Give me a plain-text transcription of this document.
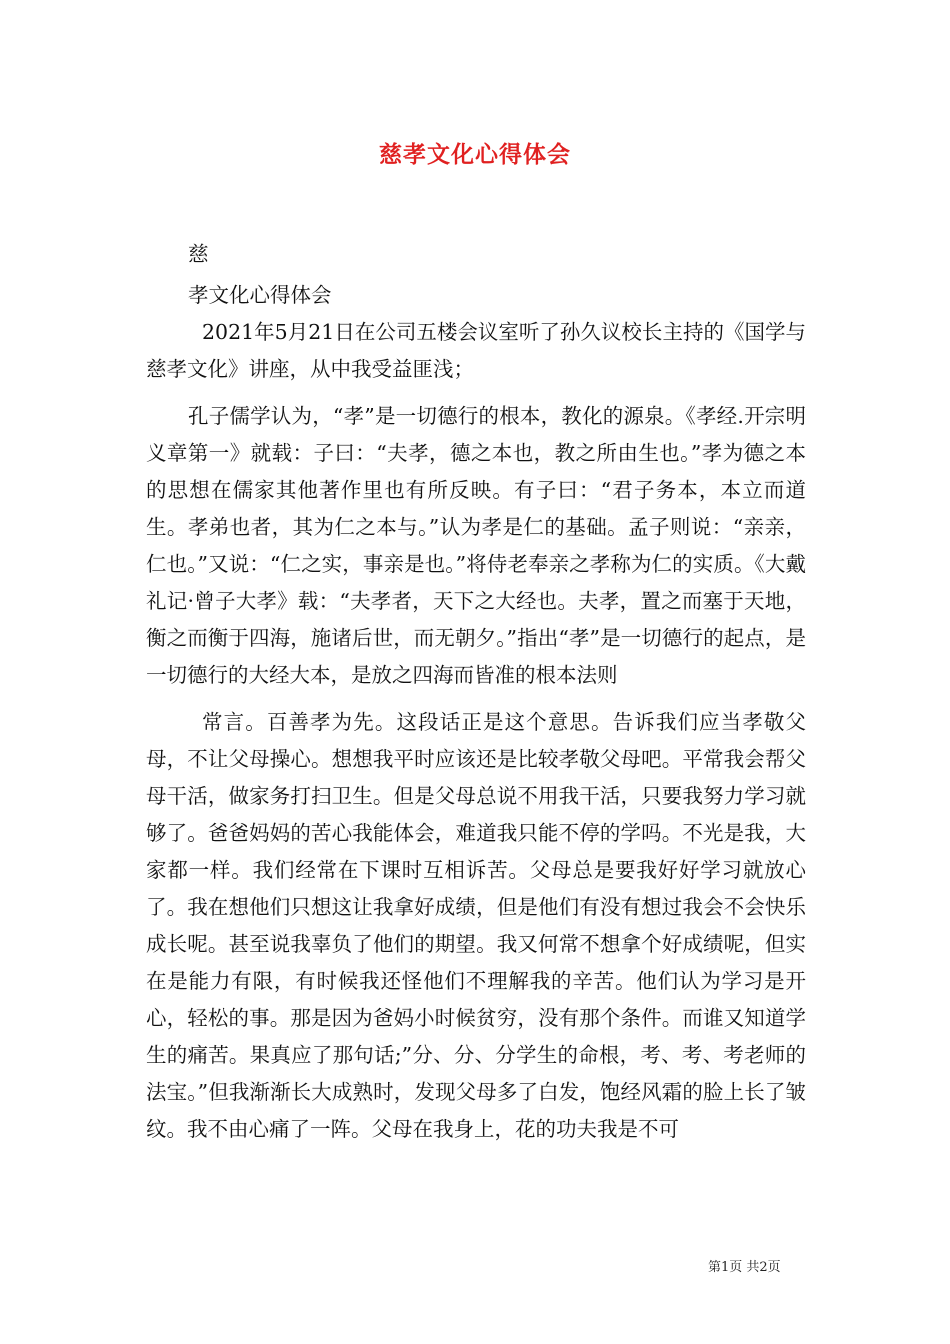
慈孝文化心得体会

慈

孝文化心得体会

2021年5月21日在公司五楼会议室听了孙久议校长主持的《国学与慈孝文化》讲座，从中我受益匪浅；

孔子儒学认为，“孝”是一切德行的根本，教化的源泉。《孝经.开宗明义章第一》就载：子曰：“夫孝，德之本也，教之所由生也。”孝为德之本的思想在儒家其他著作里也有所反映。有子曰：“君子务本，本立而道生。孝弟也者，其为仁之本与。”认为孝是仁的基础。孟子则说：“亲亲，仁也。”又说：“仁之实，事亲是也。”将侍老奉亲之孝称为仁的实质。《大戴礼记·曾子大孝》载：“夫孝者，天下之大经也。夫孝，置之而塞于天地，衡之而衡于四海，施诸后世，而无朝夕。”指出“孝”是一切德行的起点，是一切德行的大经大本，是放之四海而皆准的根本法则

常言。百善孝为先。这段话正是这个意思。告诉我们应当孝敬父母，不让父母操心。想想我平时应该还是比较孝敬父母吧。平常我会帮父母干活，做家务打扫卫生。但是父母总说不用我干活，只要我努力学习就够了。爸爸妈妈的苦心我能体会，难道我只能不停的学吗。不光是我，大家都一样。我们经常在下课时互相诉苦。父母总是要我好好学习就放心了。我在想他们只想这让我拿好成绩，但是他们有没有想过我会不会快乐成长呢。甚至说我辜负了他们的期望。我又何常不想拿个好成绩呢，但实在是能力有限，有时候我还怪他们不理解我的辛苦。他们认为学习是开心，轻松的事。那是因为爸妈小时候贫穷，没有那个条件。而谁又知道学生的痛苦。果真应了那句话;”分、分、分学生的命根，考、考、考老师的法宝。”但我渐渐长大成熟时，发现父母多了白发，饱经风霜的脸上长了皱纹。我不由心痛了一阵。父母在我身上，花的功夫我是不可

第1页 共2页
